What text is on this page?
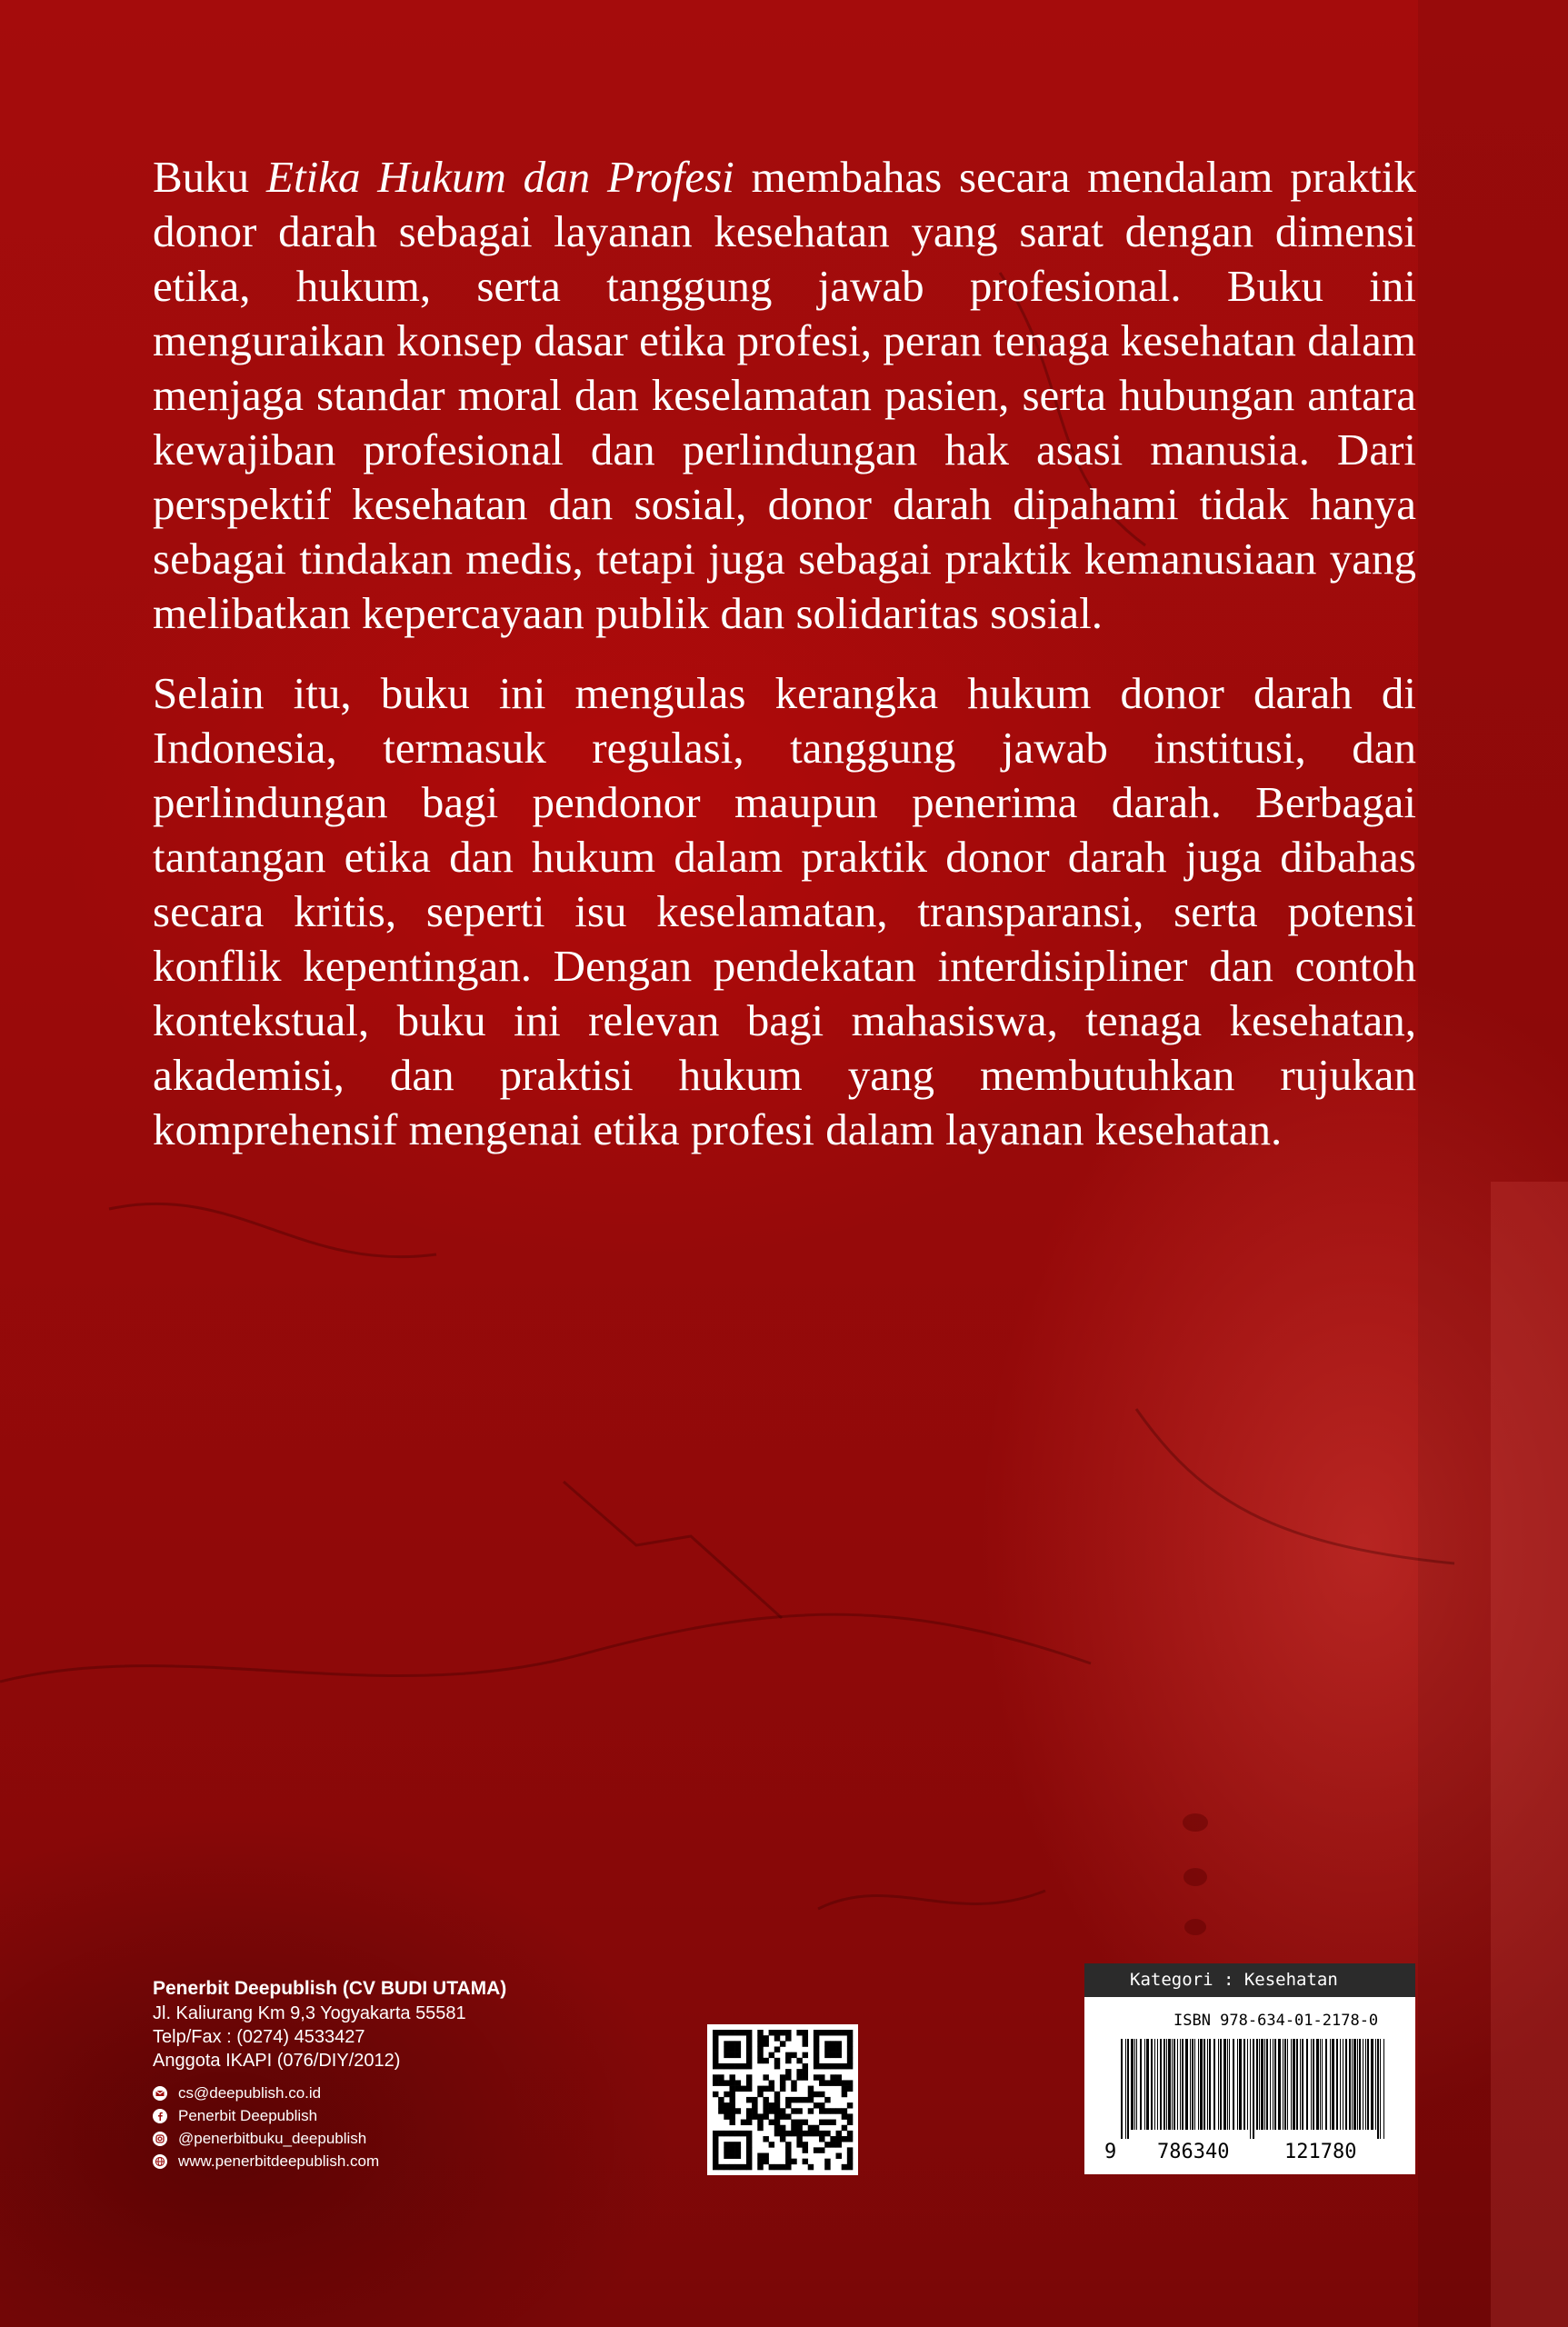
Buku Etika Hukum dan Profesi membahas secara mendalam praktik donor darah sebagai layanan kesehatan yang sarat dengan dimensi etika, hukum, serta tanggung jawab profesional. Buku ini menguraikan konsep dasar etika profesi, peran tenaga kesehatan dalam menjaga standar moral dan keselamatan pasien, serta hubungan antara kewajiban profesional dan perlindungan hak asasi manusia. Dari perspektif kesehatan dan sosial, donor darah dipahami tidak hanya sebagai tindakan medis, tetapi juga sebagai praktik kemanusiaan yang melibatkan kepercayaan publik dan solidaritas sosial.

Selain itu, buku ini mengulas kerangka hukum donor darah di Indonesia, termasuk regulasi, tanggung jawab institusi, dan perlindungan bagi pendonor maupun penerima darah. Berbagai tantangan etika dan hukum dalam praktik donor darah juga dibahas secara kritis, seperti isu keselamatan, transparansi, serta potensi konflik kepentingan. Dengan pendekatan interdisipliner dan contoh kontekstual, buku ini relevan bagi mahasiswa, tenaga kesehatan, akademisi, dan praktisi hukum yang membutuhkan rujukan komprehensif mengenai etika profesi dalam layanan kesehatan.

Penerbit Deepublish (CV BUDI UTAMA)
Jl. Kaliurang Km 9,3 Yogyakarta 55581
Telp/Fax : (0274) 4533427
Anggota IKAPI (076/DIY/2012)
cs@deepublish.co.id
Penerbit Deepublish
@penerbitbuku_deepublish
www.penerbitdeepublish.com
Kategori : Kesehatan
ISBN 978-634-01-2178-0
9 786340	121780
